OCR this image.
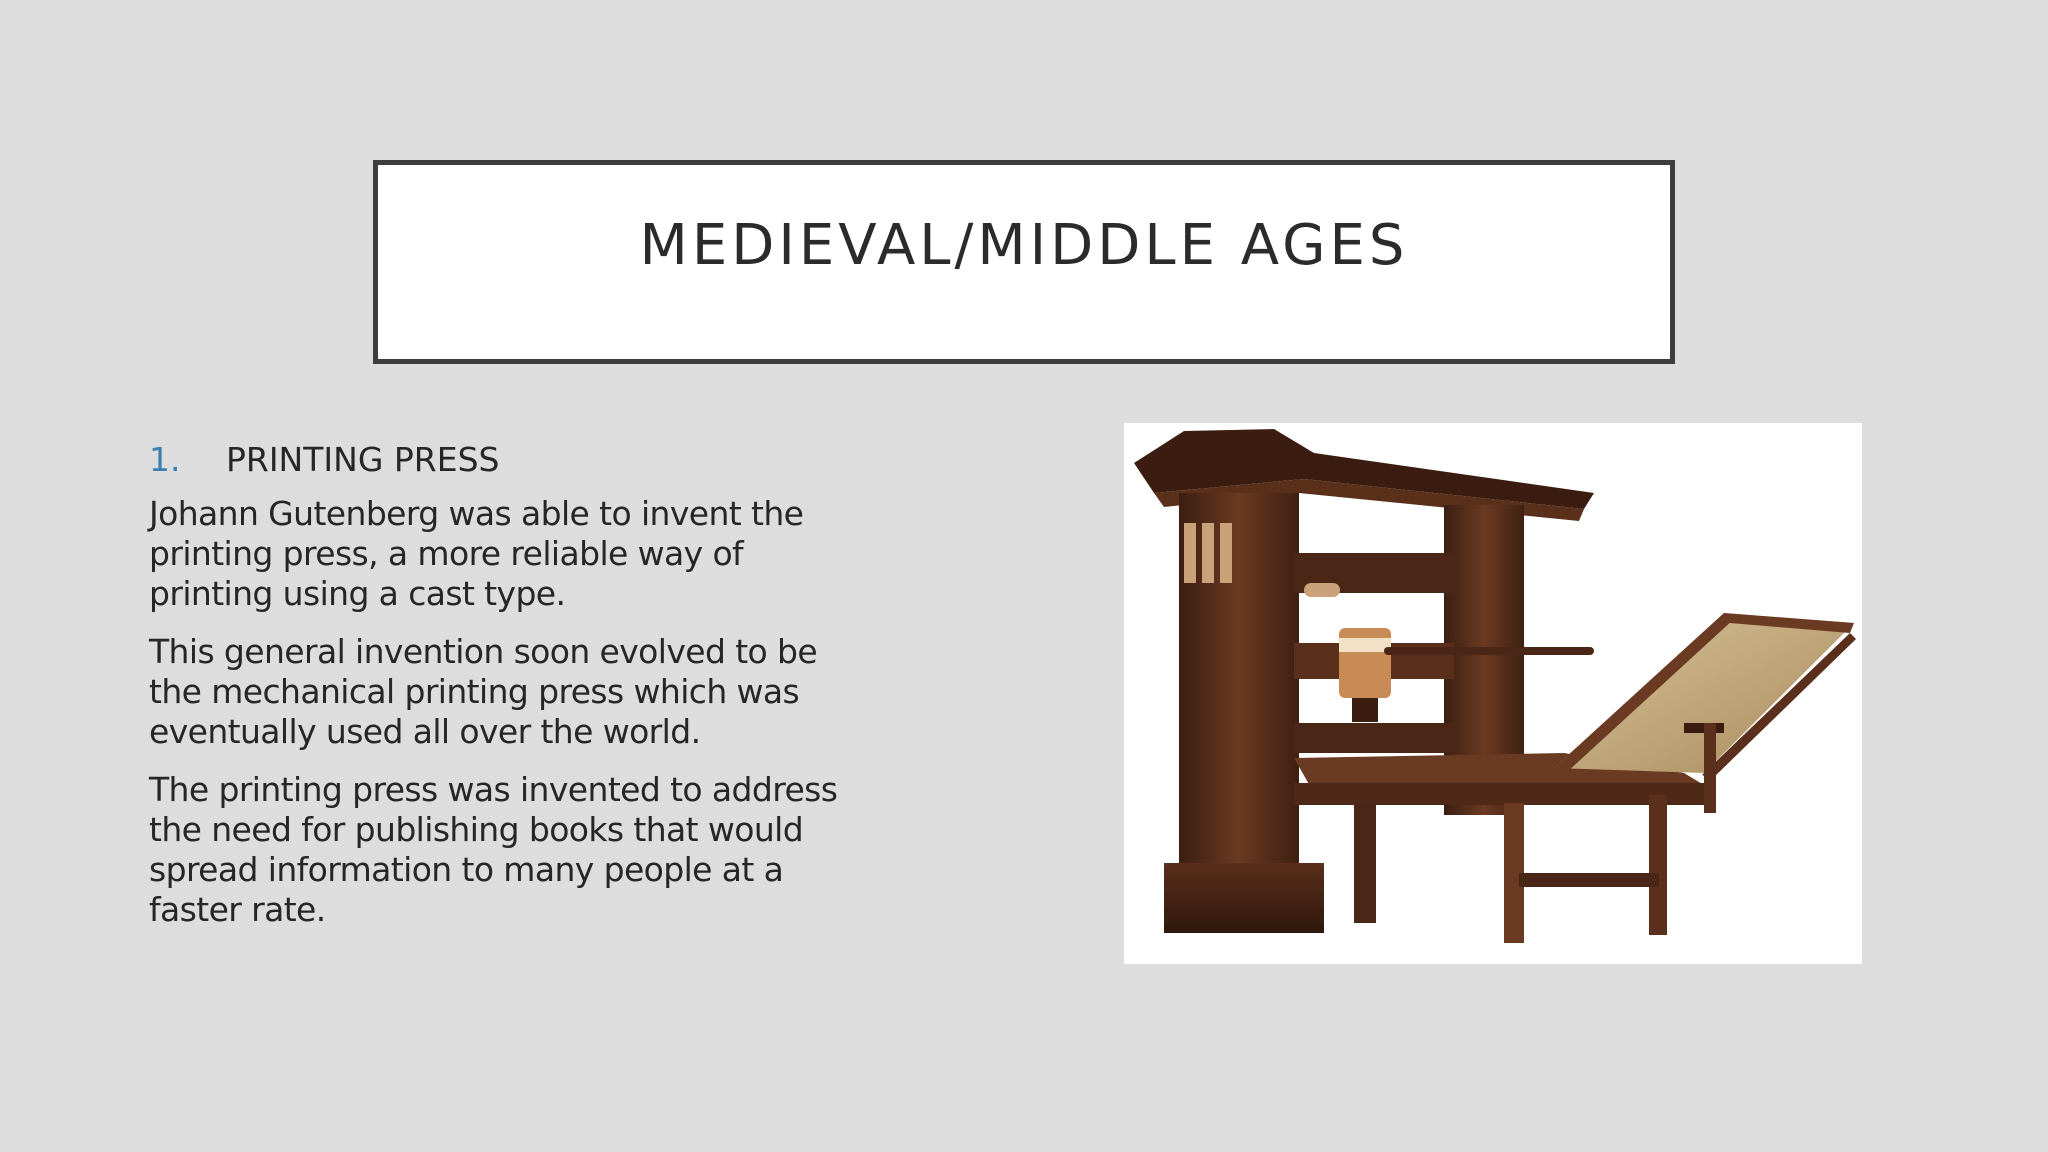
MEDIEVAL/MIDDLE AGES
1.	PRINTING PRESS

Johann Gutenberg was able to invent the printing press, a more reliable way of printing using a cast type.

This general invention soon evolved to be the mechanical printing press which was eventually used all over the world.

The printing press was invented to address the need for publishing books that would spread information to many people at a faster rate.
